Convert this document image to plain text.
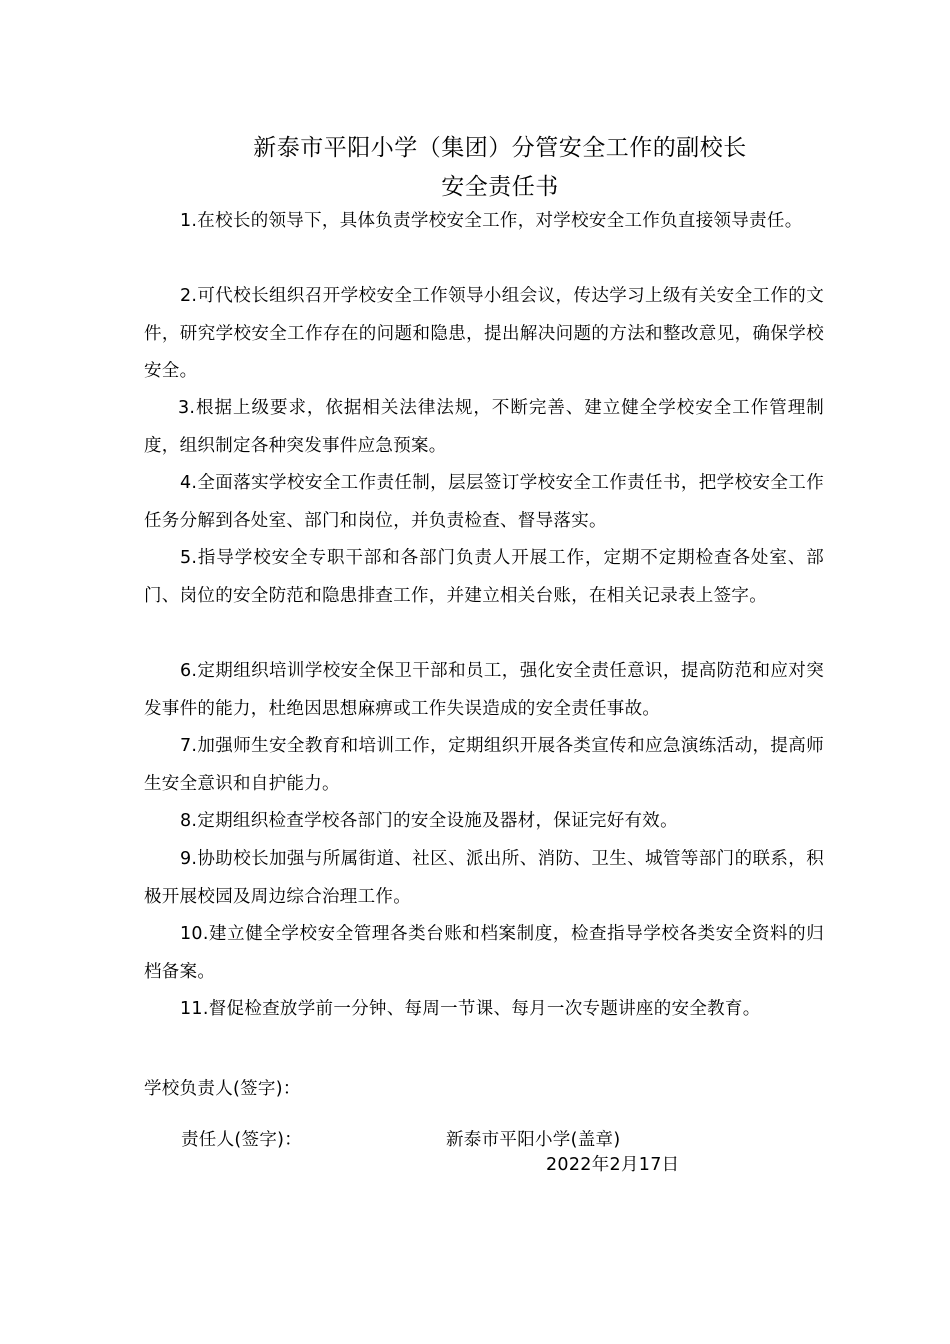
新泰市平阳小学（集团）分管安全工作的副校长
安全责任书

1.在校长的领导下，具体负责学校安全工作，对学校安全工作负直接领导责任。

2.可代校长组织召开学校安全工作领导小组会议，传达学习上级有关安全工作的文件，研究学校安全工作存在的问题和隐患，提出解决问题的方法和整改意见，确保学校安全。

3.根据上级要求，依据相关法律法规，不断完善、建立健全学校安全工作管理制度，组织制定各种突发事件应急预案。

4.全面落实学校安全工作责任制，层层签订学校安全工作责任书，把学校安全工作任务分解到各处室、部门和岗位，并负责检查、督导落实。

5.指导学校安全专职干部和各部门负责人开展工作，定期不定期检查各处室、部门、岗位的安全防范和隐患排查工作，并建立相关台账，在相关记录表上签字。

6.定期组织培训学校安全保卫干部和员工，强化安全责任意识，提高防范和应对突发事件的能力，杜绝因思想麻痹或工作失误造成的安全责任事故。

7.加强师生安全教育和培训工作，定期组织开展各类宣传和应急演练活动，提高师生安全意识和自护能力。

8.定期组织检查学校各部门的安全设施及器材，保证完好有效。

9.协助校长加强与所属街道、社区、派出所、消防、卫生、城管等部门的联系，积极开展校园及周边综合治理工作。

10.建立健全学校安全管理各类台账和档案制度，检查指导学校各类安全资料的归档备案。

11.督促检查放学前一分钟、每周一节课、每月一次专题讲座的安全教育。

学校负责人(签字)：
责任人(签字)：	新泰市平阳小学(盖章)
2022年2月17日
